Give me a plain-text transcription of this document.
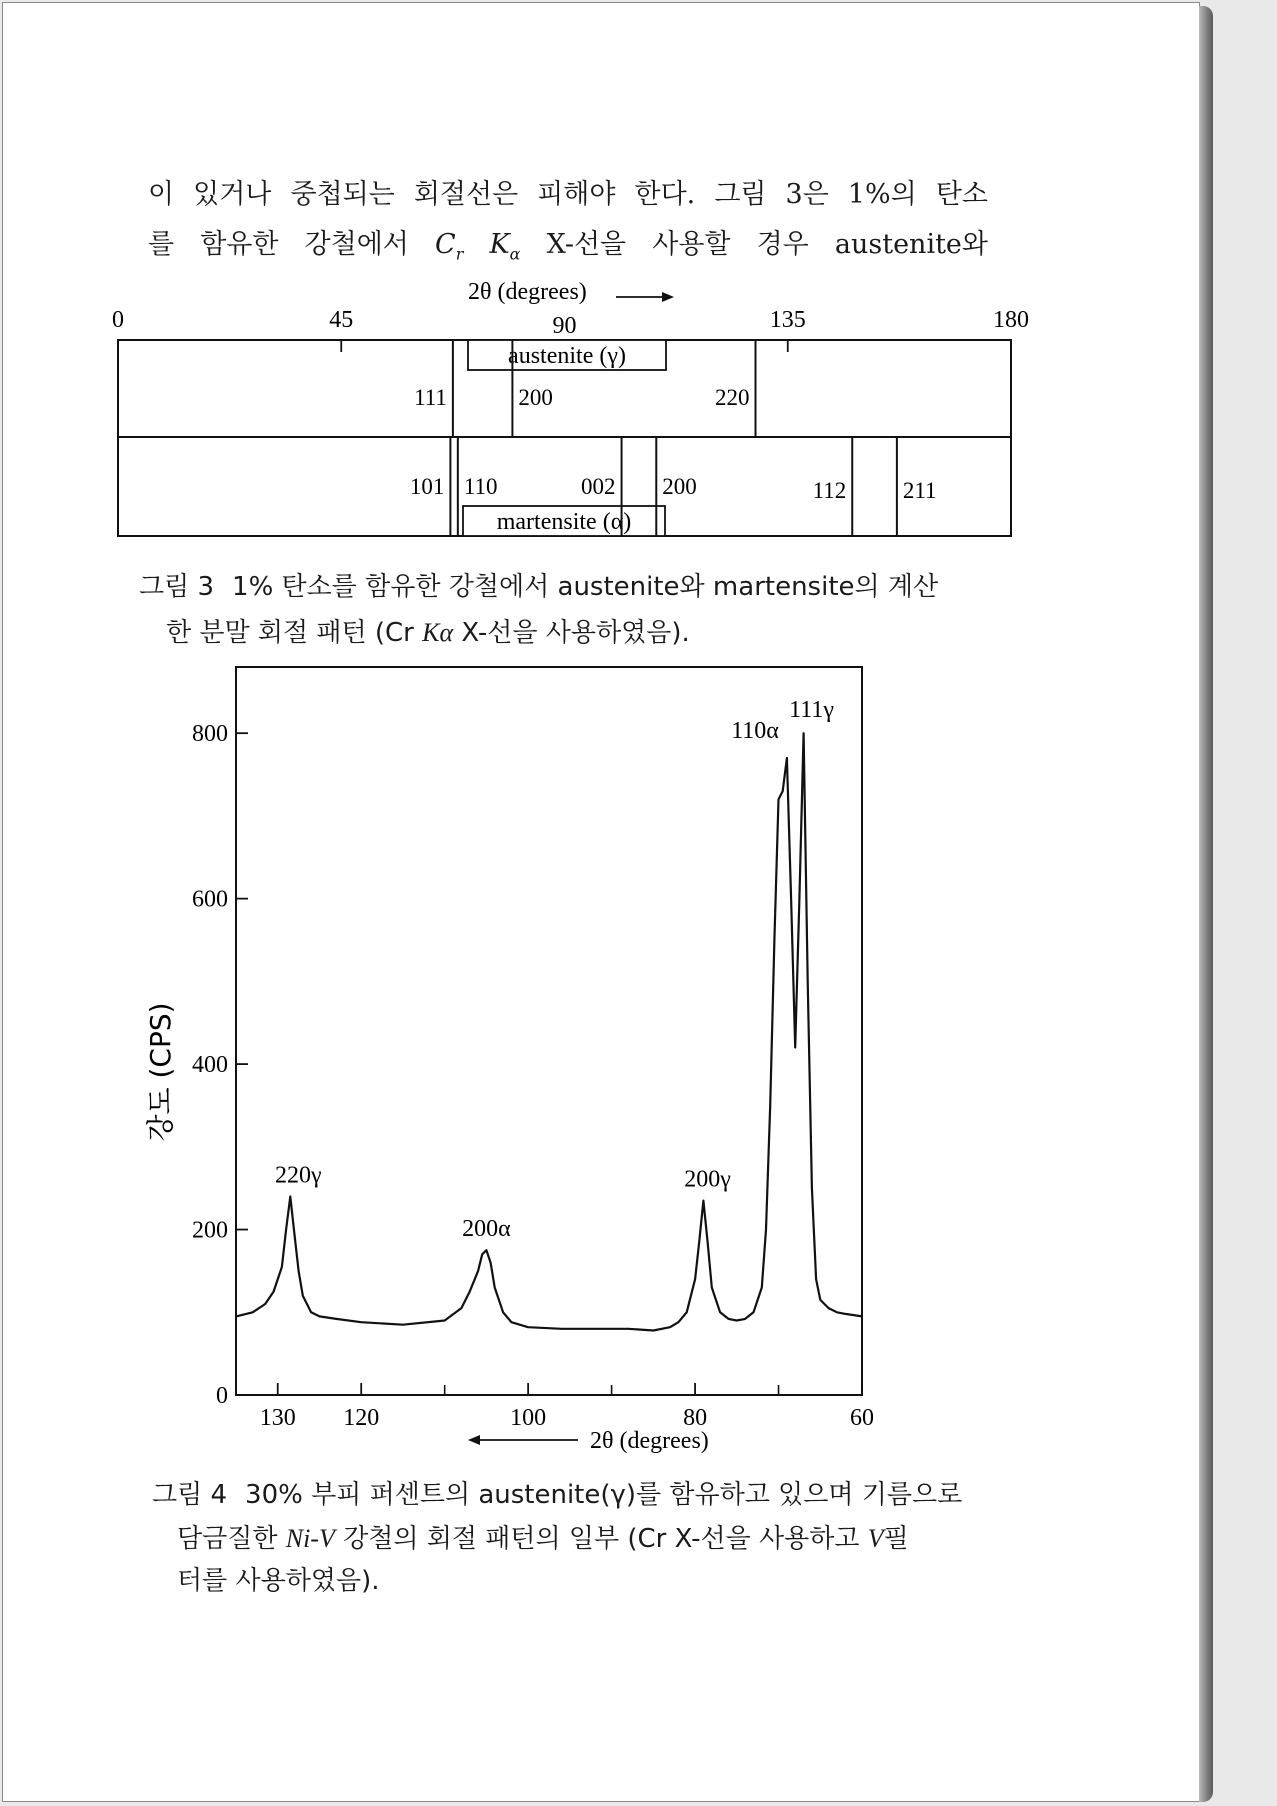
이 있거나 중첩되는 회절선은 피해야 한다. 그림 3은 1%의 탄소
를 함유한 강철에서 $C_r$ $K_\alpha$ X-선을 사용할 경우 austenite와
2θ (degrees)
0	45	90	135	180
austenite (γ)
martensite (α)
111	200	220
101 110	002 200	112 211
그림 3 1% 탄소를 함유한 강철에서 austenite와 martensite의 계산
한 분말 회절 패턴 (Cr Kα X-선을 사용하였음).
강도 (CPS)
0
200
400
600
800
130 120	100	80	60
220γ
200α
200γ
110α
111γ
2θ (degrees)
그림 4 30% 부피 퍼센트의 austenite(γ)를 함유하고 있으며 기름으로
담금질한 Ni-V 강철의 회절 패턴의 일부 (Cr X-선을 사용하고 V필
터를 사용하였음).
